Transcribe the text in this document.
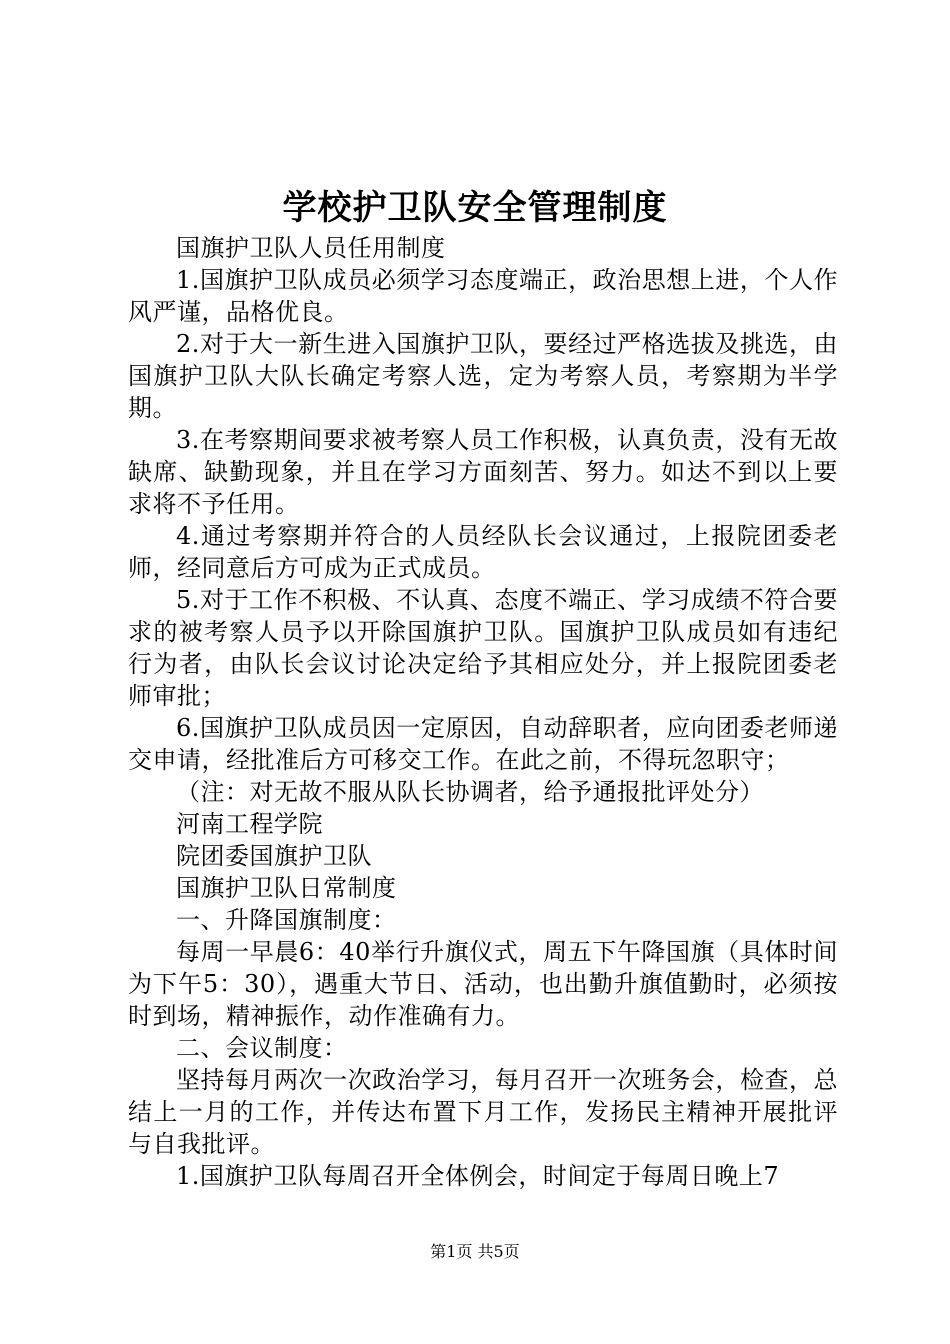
学校护卫队安全管理制度

国旗护卫队人员任用制度

1.国旗护卫队成员必须学习态度端正，政治思想上进，个人作风严谨，品格优良。

2.对于大一新生进入国旗护卫队，要经过严格选拔及挑选，由国旗护卫队大队长确定考察人选，定为考察人员，考察期为半学期。

3.在考察期间要求被考察人员工作积极，认真负责，没有无故缺席、缺勤现象，并且在学习方面刻苦、努力。如达不到以上要求将不予任用。

4.通过考察期并符合的人员经队长会议通过，上报院团委老师，经同意后方可成为正式成员。

5.对于工作不积极、不认真、态度不端正、学习成绩不符合要求的被考察人员予以开除国旗护卫队。国旗护卫队成员如有违纪行为者，由队长会议讨论决定给予其相应处分，并上报院团委老师审批；

6.国旗护卫队成员因一定原因，自动辞职者，应向团委老师递交申请，经批准后方可移交工作。在此之前，不得玩忽职守；

（注：对无故不服从队长协调者，给予通报批评处分）

河南工程学院

院团委国旗护卫队

国旗护卫队日常制度

一、升降国旗制度：

每周一早晨6：40举行升旗仪式，周五下午降国旗（具体时间为下午5：30），遇重大节日、活动，也出勤升旗值勤时，必须按时到场，精神振作，动作准确有力。

二、会议制度：

坚持每月两次一次政治学习，每月召开一次班务会，检查，总结上一月的工作，并传达布置下月工作，发扬民主精神开展批评与自我批评。

1.国旗护卫队每周召开全体例会，时间定于每周日晚上7

第1页 共5页
